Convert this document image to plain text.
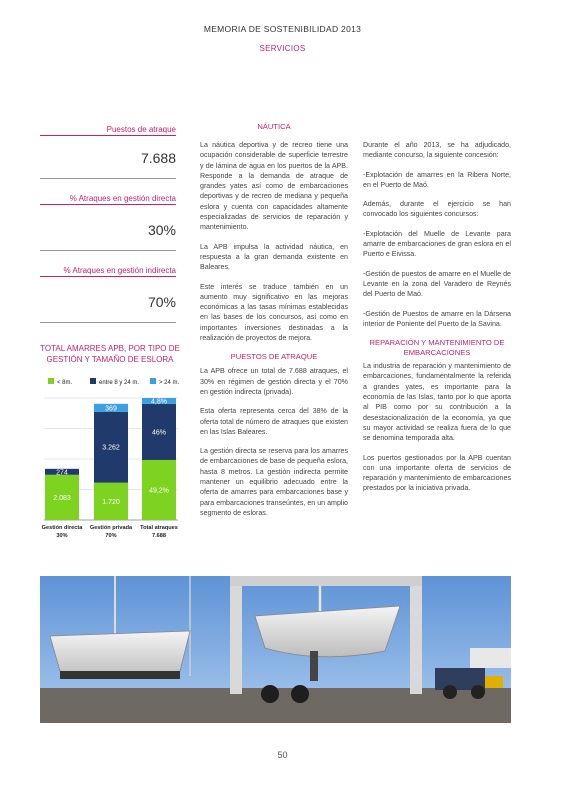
MEMORIA DE SOSTENIBILIDAD 2013
SERVICIOS
Puestos de atraque
7.688
% Atraques en gestión directa
30%
% Atraques en gestión indirecta
70%
TOTAL AMARRES APB, POR TIPO DE GESTIÓN Y TAMAÑO DE ESLORA
< 8m.	entre 8 y 24 m.	> 24 m.
2.083
274
Gestión directa
30%
1.720
3.262
369
Gestión privada
70%
49,2%
46%
4,8%
Total atraques
7.688
NÁUTICA

La náutica deportiva y de recreo tiene una ocupación considerable de superficie terrestre y de lámina de agua en los puertos de la APB. Responde a la demanda de atraque de grandes yates así como de embarcaciones deportivas y de recreo de mediana y pequeña eslora y cuenta con capacidades altamente especializadas de servicios de reparación y mantenimiento.

La APB impulsa la actividad náutica, en respuesta a la gran demanda existente en Baleares.

Este interés se traduce también en un aumento muy significativo en las mejoras económicas a las tasas mínimas establecidas en las bases de los concursos, así como en importantes inversiones destinadas a la realización de proyectos de mejora.

PUESTOS DE ATRAQUE

La APB ofrece un total de 7.688 atraques, el 30% en régimen de gestión directa y el 70% en gestión indirecta (privada).

Esta oferta representa cerca del 38% de la oferta total de número de atraques que existen en las Islas Baleares.

La gestión directa se reserva para los amarres de embarcaciones de base de pequeña eslora, hasta 8 metros. La gestión indirecta permite mantener un equilibrio adecuado entre la oferta de amarres para embarcaciones base y para embarcaciones transeúntes, en un amplio segmento de esloras.

Durante el año 2013, se ha adjudicado, mediante concurso, la siguiente concesión:

-Explotación de amarres en la Ribera Norte, en el Puerto de Maó.

Además, durante el ejercicio se han convocado los siguientes concursos:

-Explotación del Muelle de Levante para amarre de embarcaciones de gran eslora en el Puerto e Eivissa.

-Gestión de puestos de amarre en el Muelle de Levante en la zona del Varadero de Reynés del Puerto de Maó.

-Gestión de Puestos de amarre en la Dársena interior de Poniente del Puerto de la Savina.

REPARACIÓN Y MANTENIMIENTO DE EMBARCACIONES

La industria de reparación y mantenimiento de embarcaciones, fundamentalmente la referida a grandes yates, es importante para la economía de las Islas, tanto por lo que aporta al PIB como por su contribución a la desestacionalización de la economía, ya que su mayor actividad se realiza fuera de lo que se denomina temporada alta.

Los puertos gestionados por la APB cuentan con una importante oferta de servicios de reparación y mantenimiento de embarcaciones prestados por la iniciativa privada.

50
